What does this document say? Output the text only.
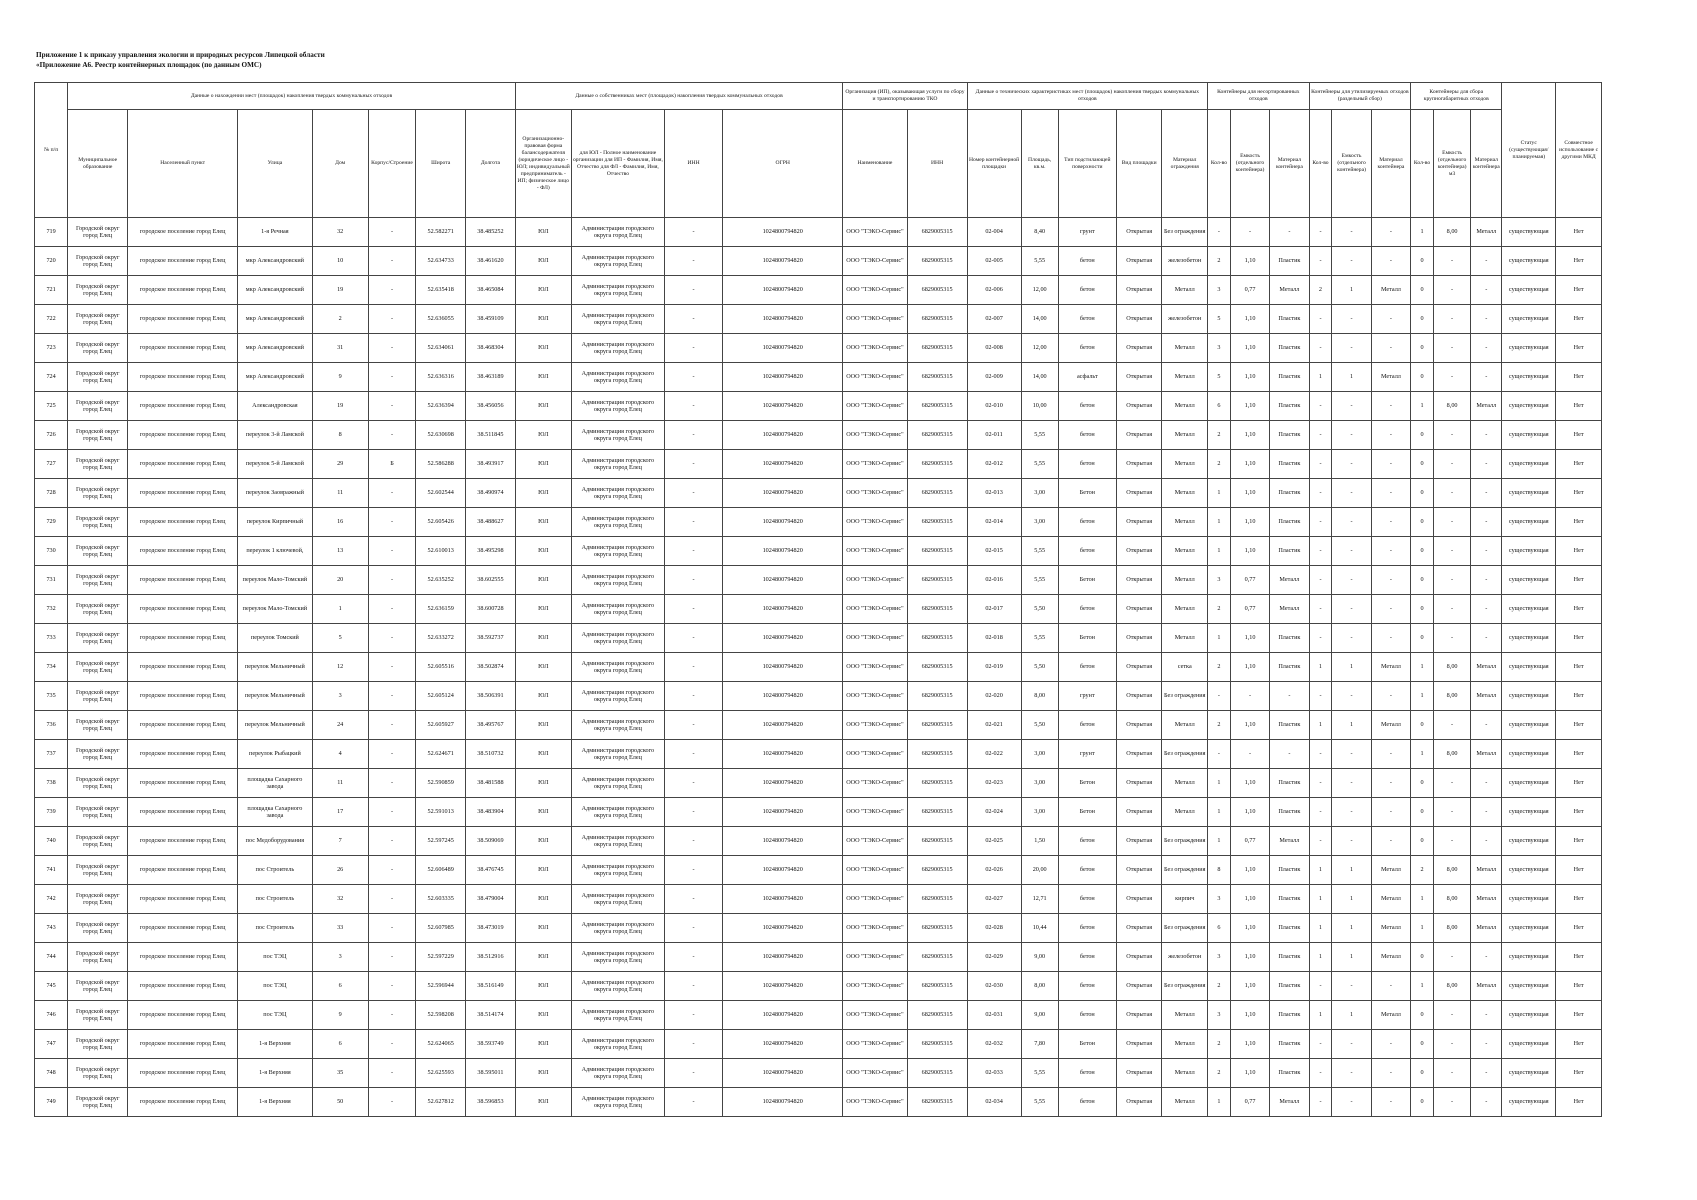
Приложение 1 к приказу управления экологии и природных ресурсов Липецкой области
«Приложение А6. Реестр контейнерных площадок (по данным ОМС)
№ п/п	Данные о нахождении мест (площадок) накопления твердых коммунальных отходов							Данные о собственниках мест (площадок) накопления твердых коммунальных отходов				Организация (ИП), оказывающая услуги по сбору и транспортированию ТКО		Данные о технических характеристиках мест (площадок) накопления твердых коммунальных отходов					Контейнеры для несортированных отходов			Контейнеры для утилизируемых отходов (раздельный сбор)			Контейнеры для сбора крупногабаритных отходов			Статус (существующая/ планируемая)	Совместное использование с другими МКД
	Муниципальное образование	Населенный пункт	Улица	Дом	Корпус/Строение	Широта	Долгота	Организационно-правовая форма балансодержателя (юридическое лицо - ЮЛ; индивидуальный предприниматель - ИП; физическое лицо - ФЛ)	для ЮЛ - Полное наименование организации для ИП - Фамилия, Имя, Отчество для ФЛ - Фамилия, Имя, Отчество	ИНН	ОГРН	Наименование	ИНН	Номер контейнерной площадки	Площадь, кв.м.	Тип подстилающей поверхности	Вид площадки	Материал ограждения	Кол-во	Емкость (отдельного контейнера)	Материал контейнера	Кол-во	Емкость (отдельного контейнера)	Материал контейнера	Кол-во	Емкость (отдельного контейнера) м3	Материал контейнера		
719	Городской округ город Елец	городское поселение город Елец	1-я Речная	32	-	52.582271	38.485252	ЮЛ	Администрация городского округа город Елец	-	1024800794820	ООО "ТЭКО-Сервис"	6829005315	02-004	8,40	грунт	Открытая	Без ограждения	-	-	-	-	-	-	1	8,00	Металл	существующая	Нет
720	Городской округ город Елец	городское поселение город Елец	мкр Александровский	10	-	52.634733	38.461620	ЮЛ	Администрация городского округа город Елец	-	1024800794820	ООО "ТЭКО-Сервис"	6829005315	02-005	5,55	бетон	Открытая	железобетон	2	1,10	Пластик	-	-	-	0	-	-	существующая	Нет
721	Городской округ город Елец	городское поселение город Елец	мкр Александровский	19	-	52.635418	38.465084	ЮЛ	Администрация городского округа город Елец	-	1024800794820	ООО "ТЭКО-Сервис"	6829005315	02-006	12,00	бетон	Открытая	Металл	3	0,77	Металл	2	1	Металл	0	-	-	существующая	Нет
722	Городской округ город Елец	городское поселение город Елец	мкр Александровский	2	-	52.636055	38.459109	ЮЛ	Администрация городского округа город Елец	-	1024800794820	ООО "ТЭКО-Сервис"	6829005315	02-007	14,00	бетон	Открытая	железобетон	5	1,10	Пластик	-	-	-	0	-	-	существующая	Нет
723	Городской округ город Елец	городское поселение город Елец	мкр Александровский	31	-	52.634061	38.468304	ЮЛ	Администрация городского округа город Елец	-	1024800794820	ООО "ТЭКО-Сервис"	6829005315	02-008	12,00	бетон	Открытая	Металл	3	1,10	Пластик	-	-	-	0	-	-	существующая	Нет
724	Городской округ город Елец	городское поселение город Елец	мкр Александровский	9	-	52.636316	38.463189	ЮЛ	Администрация городского округа город Елец	-	1024800794820	ООО "ТЭКО-Сервис"	6829005315	02-009	14,00	асфальт	Открытая	Металл	5	1,10	Пластик	1	1	Металл	0	-	-	существующая	Нет
725	Городской округ город Елец	городское поселение город Елец	Александровская	19	-	52.636394	38.456056	ЮЛ	Администрация городского округа город Елец	-	1024800794820	ООО "ТЭКО-Сервис"	6829005315	02-010	10,00	бетон	Открытая	Металл	6	1,10	Пластик	-	-	-	1	8,00	Металл	существующая	Нет
726	Городской округ город Елец	городское поселение город Елец	переулок 3-й Ламской	8	-	52.630698	38.511845	ЮЛ	Администрация городского округа город Елец	-	1024800794820	ООО "ТЭКО-Сервис"	6829005315	02-011	5,55	бетон	Открытая	Металл	2	1,10	Пластик	-	-	-	0	-	-	существующая	Нет
727	Городской округ город Елец	городское поселение город Елец	переулок 5-й Ламской	29	Б	52.586288	38.493917	ЮЛ	Администрация городского округа город Елец	-	1024800794820	ООО "ТЭКО-Сервис"	6829005315	02-012	5,55	бетон	Открытая	Металл	2	1,10	Пластик	-	-	-	0	-	-	существующая	Нет
728	Городской округ город Елец	городское поселение город Елец	переулок Заовражный	11	-	52.602544	38.490974	ЮЛ	Администрация городского округа город Елец	-	1024800794820	ООО "ТЭКО-Сервис"	6829005315	02-013	3,00	Бетон	Открытая	Металл	1	1,10	Пластик	-	-	-	0	-	-	существующая	Нет
729	Городской округ город Елец	городское поселение город Елец	переулок Кирпичный	16	-	52.605426	38.488627	ЮЛ	Администрация городского округа город Елец	-	1024800794820	ООО "ТЭКО-Сервис"	6829005315	02-014	3,00	бетон	Открытая	Металл	1	1,10	Пластик	-	-	-	0	-	-	существующая	Нет
730	Городской округ город Елец	городское поселение город Елец	переулок 1 ключевой,	13	-	52.610013	38.495298	ЮЛ	Администрация городского округа город Елец	-	1024800794820	ООО "ТЭКО-Сервис"	6829005315	02-015	5,55	бетон	Открытая	Металл	1	1,10	Пластик	-	-	-	0	-	-	существующая	Нет
731	Городской округ город Елец	городское поселение город Елец	переулок Мало-Томский	20	-	52.635252	38.602555	ЮЛ	Администрация городского округа город Елец	-	1024800794820	ООО "ТЭКО-Сервис"	6829005315	02-016	5,55	Бетон	Открытая	Металл	3	0,77	Металл	-	-	-	0	-	-	существующая	Нет
732	Городской округ город Елец	городское поселение город Елец	переулок Мало-Томский	1	-	52.636159	38.600728	ЮЛ	Администрация городского округа город Елец	-	1024800794820	ООО "ТЭКО-Сервис"	6829005315	02-017	5,50	бетон	Открытая	Металл	2	0,77	Металл	-	-	-	0	-	-	существующая	Нет
733	Городской округ город Елец	городское поселение город Елец	переулок Томский	5	-	52.633272	38.592737	ЮЛ	Администрация городского округа город Елец	-	1024800794820	ООО "ТЭКО-Сервис"	6829005315	02-018	5,55	Бетон	Открытая	Металл	1	1,10	Пластик	-	-	-	0	-	-	существующая	Нет
734	Городской округ город Елец	городское поселение город Елец	переулок Мельничный	12	-	52.605516	38.502874	ЮЛ	Администрация городского округа город Елец	-	1024800794820	ООО "ТЭКО-Сервис"	6829005315	02-019	5,50	бетон	Открытая	сетка	2	1,10	Пластик	1	1	Металл	1	8,00	Металл	существующая	Нет
735	Городской округ город Елец	городское поселение город Елец	переулок Мельничный	3	-	52.605124	38.506391	ЮЛ	Администрация городского округа город Елец	-	1024800794820	ООО "ТЭКО-Сервис"	6829005315	02-020	8,00	грунт	Открытая	Без ограждения	-	-	-	-	-	-	1	8,00	Металл	существующая	Нет
736	Городской округ город Елец	городское поселение город Елец	переулок Мельничный	24	-	52.605927	38.495767	ЮЛ	Администрация городского округа город Елец	-	1024800794820	ООО "ТЭКО-Сервис"	6829005315	02-021	5,50	бетон	Открытая	Металл	2	1,10	Пластик	1	1	Металл	0	-	-	существующая	Нет
737	Городской округ город Елец	городское поселение город Елец	переулок Рыбацкий	4	-	52.624671	38.510732	ЮЛ	Администрация городского округа город Елец	-	1024800794820	ООО "ТЭКО-Сервис"	6829005315	02-022	3,00	грунт	Открытая	Без ограждения	-	-	-	-	-	-	1	8,00	Металл	существующая	Нет
738	Городской округ город Елец	городское поселение город Елец	площадка Сахарного завода	11	-	52.590859	38.481588	ЮЛ	Администрация городского округа город Елец	-	1024800794820	ООО "ТЭКО-Сервис"	6829005315	02-023	3,00	Бетон	Открытая	Металл	1	1,10	Пластик	-	-	-	0	-	-	существующая	Нет
739	Городской округ город Елец	городское поселение город Елец	площадка Сахарного завода	17	-	52.591013	38.483904	ЮЛ	Администрация городского округа город Елец	-	1024800794820	ООО "ТЭКО-Сервис"	6829005315	02-024	3,00	Бетон	Открытая	Металл	1	1,10	Пластик	-	-	-	0	-	-	существующая	Нет
740	Городской округ город Елец	городское поселение город Елец	пос Медоборудования	7	-	52.597245	38.509069	ЮЛ	Администрация городского округа город Елец	-	1024800794820	ООО "ТЭКО-Сервис"	6829005315	02-025	1,50	бетон	Открытая	Без ограждения	1	0,77	Металл	-	-	-	0	-	-	существующая	Нет
741	Городской округ город Елец	городское поселение город Елец	пос Строитель	26	-	52.606489	38.476745	ЮЛ	Администрация городского округа город Елец	-	1024800794820	ООО "ТЭКО-Сервис"	6829005315	02-026	20,00	бетон	Открытая	Без ограждения	8	1,10	Пластик	1	1	Металл	2	8,00	Металл	существующая	Нет
742	Городской округ город Елец	городское поселение город Елец	пос Строитель	32	-	52.603335	38.479004	ЮЛ	Администрация городского округа город Елец	-	1024800794820	ООО "ТЭКО-Сервис"	6829005315	02-027	12,71	бетон	Открытая	кирпич	3	1,10	Пластик	1	1	Металл	1	8,00	Металл	существующая	Нет
743	Городской округ город Елец	городское поселение город Елец	пос Строитель	33	-	52.607985	38.473019	ЮЛ	Администрация городского округа город Елец	-	1024800794820	ООО "ТЭКО-Сервис"	6829005315	02-028	10,44	бетон	Открытая	Без ограждения	6	1,10	Пластик	1	1	Металл	1	8,00	Металл	существующая	Нет
744	Городской округ город Елец	городское поселение город Елец	пос ТЭЦ	3	-	52.597229	38.512916	ЮЛ	Администрация городского округа город Елец	-	1024800794820	ООО "ТЭКО-Сервис"	6829005315	02-029	9,00	бетон	Открытая	железобетон	3	1,10	Пластик	1	1	Металл	0	-	-	существующая	Нет
745	Городской округ город Елец	городское поселение город Елец	пос ТЭЦ	6	-	52.596944	38.516149	ЮЛ	Администрация городского округа город Елец	-	1024800794820	ООО "ТЭКО-Сервис"	6829005315	02-030	8,00	бетон	Открытая	Без ограждения	2	1,10	Пластик	-	-	-	1	8,00	Металл	существующая	Нет
746	Городской округ город Елец	городское поселение город Елец	пос ТЭЦ	9	-	52.598208	38.514174	ЮЛ	Администрация городского округа город Елец	-	1024800794820	ООО "ТЭКО-Сервис"	6829005315	02-031	9,00	бетон	Открытая	Металл	3	1,10	Пластик	1	1	Металл	0	-	-	существующая	Нет
747	Городской округ город Елец	городское поселение город Елец	1-я Верхняя	6	-	52.624065	38.593749	ЮЛ	Администрация городского округа город Елец	-	1024800794820	ООО "ТЭКО-Сервис"	6829005315	02-032	7,80	Бетон	Открытая	Металл	2	1,10	Пластик	-	-	-	0	-	-	существующая	Нет
748	Городской округ город Елец	городское поселение город Елец	1-я Верхняя	35	-	52.625593	38.595011	ЮЛ	Администрация городского округа город Елец	-	1024800794820	ООО "ТЭКО-Сервис"	6829005315	02-033	5,55	бетон	Открытая	Металл	2	1,10	Пластик	-	-	-	0	-	-	существующая	Нет
749	Городской округ город Елец	городское поселение город Елец	1-я Верхняя	50	-	52.627812	38.596853	ЮЛ	Администрация городского округа город Елец	-	1024800794820	ООО "ТЭКО-Сервис"	6829005315	02-034	5,55	бетон	Открытая	Металл	1	0,77	Металл	-	-	-	0	-	-	существующая	Нет
